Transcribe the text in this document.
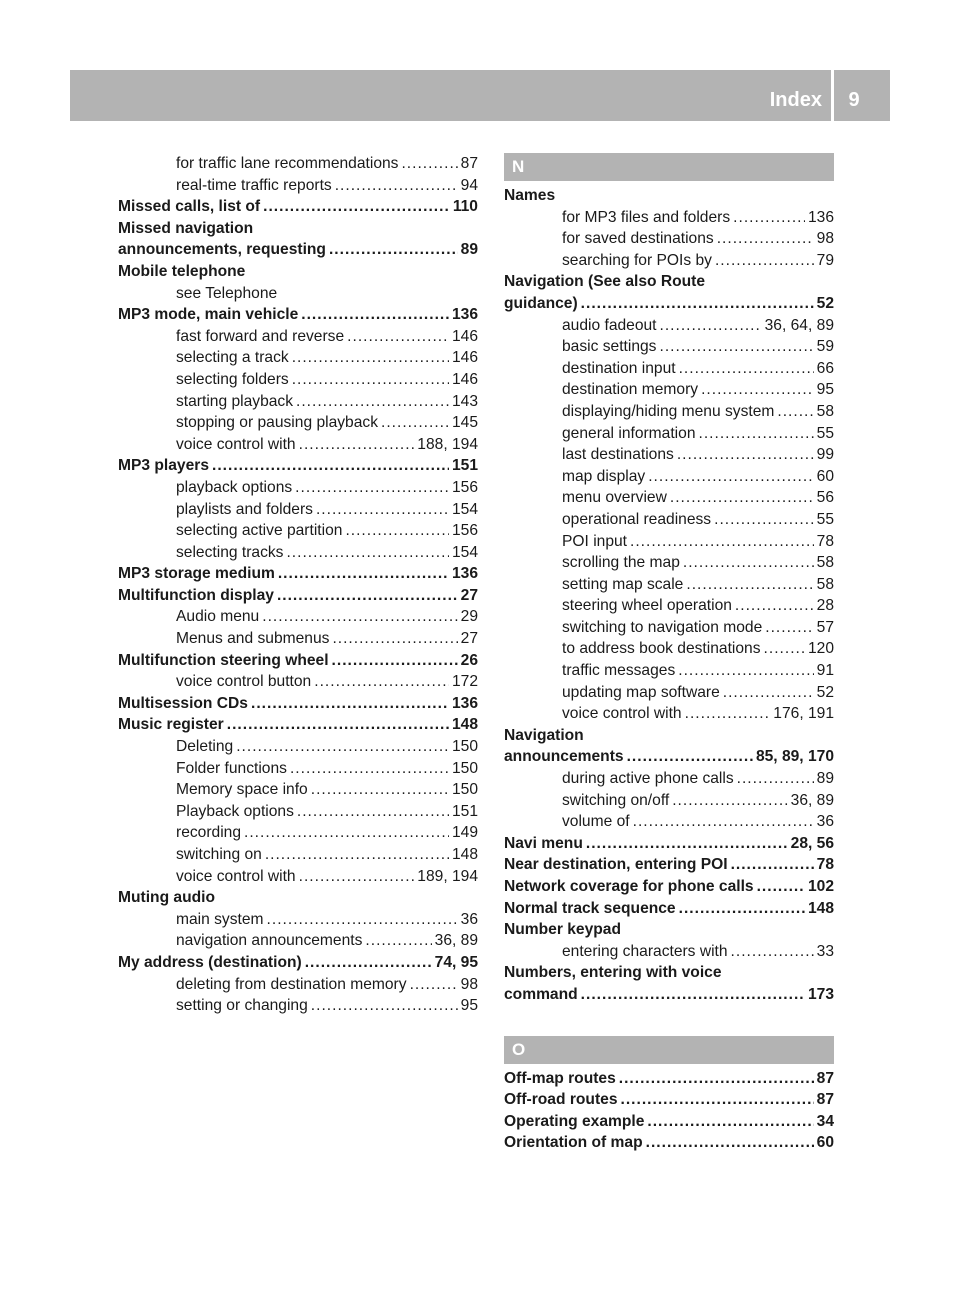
Index	9
for traffic lane recommendations .....	87
real-time traffic reports .....	94
Missed calls, list of .....	110
Missed navigation
announcements, requesting .....	89
Mobile telephone
see Telephone
MP3 mode, main vehicle .....	136
fast forward and reverse .....	146
selecting a track .....	146
selecting folders .....	146
starting playback .....	143
stopping or pausing playback .....	145
voice control with .....	188, 194
MP3 players .....	151
playback options .....	156
playlists and folders .....	154
selecting active partition .....	156
selecting tracks .....	154
MP3 storage medium .....	136
Multifunction display .....	27
Audio menu .....	29
Menus and submenus .....	27
Multifunction steering wheel .....	26
voice control button .....	172
Multisession CDs .....	136
Music register .....	148
Deleting .....	150
Folder functions .....	150
Memory space info .....	150
Playback options .....	151
recording .....	149
switching on .....	148
voice control with .....	189, 194
Muting audio
main system .....	36
navigation announcements .....	36, 89
My address (destination) .....	74, 95
deleting from destination memory .....	98
setting or changing .....	95
N
Names
for MP3 files and folders .....	136
for saved destinations .....	98
searching for POIs by .....	79
Navigation (See also Route
guidance) .....	52
audio fadeout .....	36, 64, 89
basic settings .....	59
destination input .....	66
destination memory .....	95
displaying/hiding menu system .....	58
general information .....	55
last destinations .....	99
map display .....	60
menu overview .....	56
operational readiness .....	55
POI input .....	78
scrolling the map .....	58
setting map scale .....	58
steering wheel operation .....	28
switching to navigation mode .....	57
to address book destinations .....	120
traffic messages .....	91
updating map software .....	52
voice control with .....	176, 191
Navigation
announcements .....	85, 89, 170
during active phone calls .....	89
switching on/off .....	36, 89
volume of .....	36
Navi menu .....	28, 56
Near destination, entering POI .....	78
Network coverage for phone calls .....	102
Normal track sequence .....	148
Number keypad
entering characters with .....	33
Numbers, entering with voice
command .....	173
O
Off-map routes .....	87
Off-road routes .....	87
Operating example .....	34
Orientation of map .....	60
